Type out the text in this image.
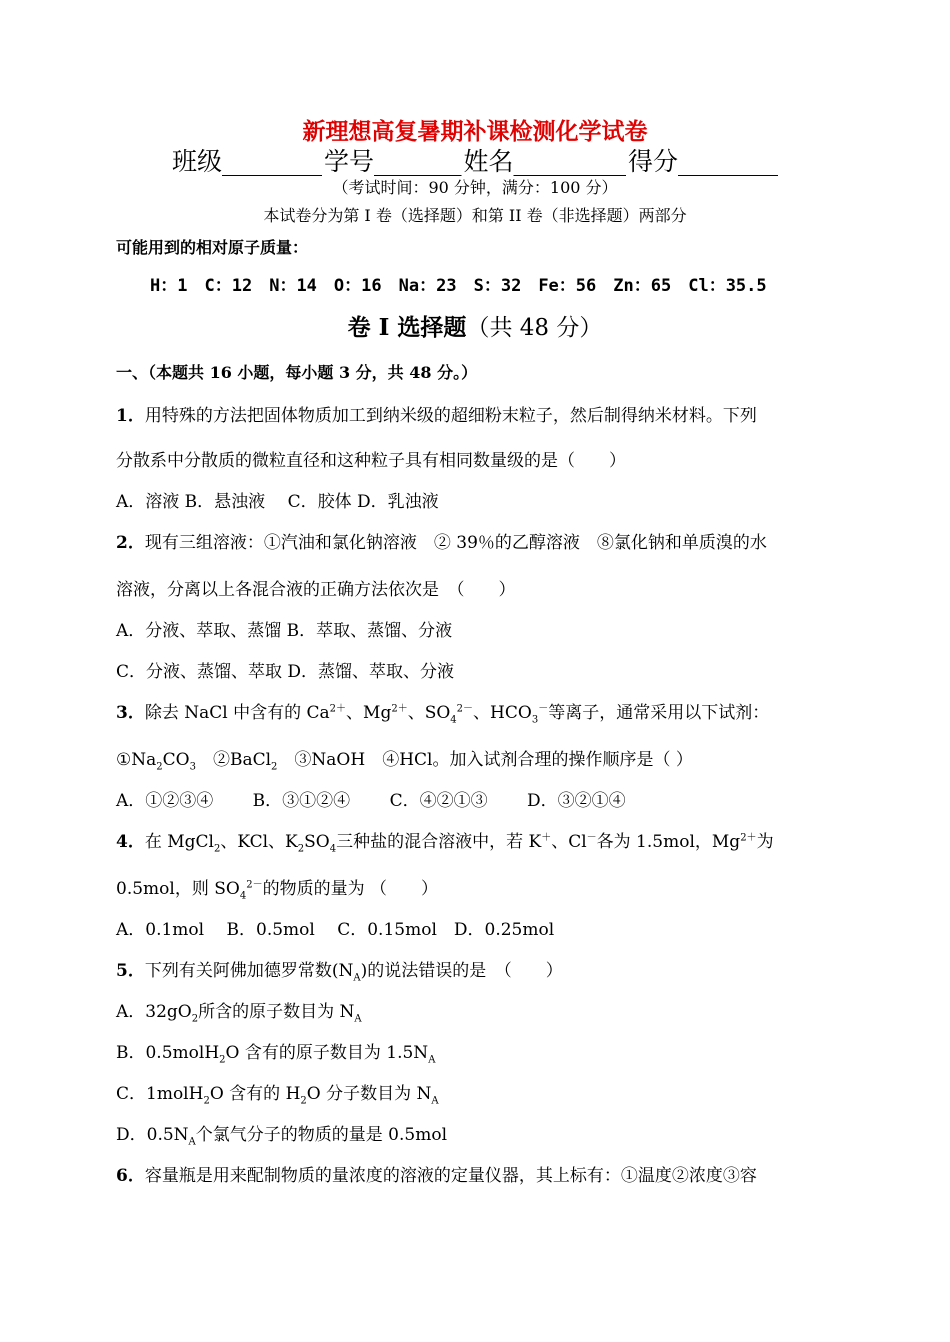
新理想高复暑期补课检测化学试卷
班级________学号_______姓名_________得分________
（考试时间：90 分钟，满分：100 分）
本试卷分为第 I 卷（选择题）和第 II 卷（非选择题）两部分
可能用到的相对原子质量：
H：1 C：12 N：14 O：16 Na：23 S：32 Fe：56 Zn：65 Cl：35.5
卷 I 选择题（共 48 分）
一、（本题共 16 小题，每小题 3 分，共 48 分。）
1．用特殊的方法把固体物质加工到纳米级的超细粉末粒子，然后制得纳米材料。下列
分散系中分散质的微粒直径和这种粒子具有相同数量级的是（　　）
A．溶液 B．悬浊液　 C．胶体 D．乳浊液
2．现有三组溶液：①汽油和氯化钠溶液　② 39％的乙醇溶液　⑧氯化钠和单质溴的水
溶液，分离以上各混合液的正确方法依次是　（　　）
A．分液、萃取、蒸馏 B．萃取、蒸馏、分液
C．分液、蒸馏、萃取 D．蒸馏、萃取、分液
3．除去 NaCl 中含有的 $Ca^{2+}$、$Mg^{2+}$、$SO_4^{2-}$、$HCO_3^-$等离子，通常采用以下试剂：
$①Na_2CO_3$　②BaCl$_2$　③NaOH　④HCl。加入试剂合理的操作顺序是（ ）
A．①②③④　　 B．③①②④　　 C．④②①③　　 D．③②①④
4．在 MgCl$_2$、KCl、$K_2SO_4$三种盐的混合溶液中，若 K＋、Cl－各为 1.5mol，$Mg^{2+}$为
0.5mol，则 $SO_4^{2-}$的物质的量为 （　　）
A．0.1mol　 B．0.5mol　 C．0.15mol　D．0.25mol
5．下列有关阿佛加德罗常数$(N_A)$的说法错误的是　（　　）
A．$32gO_2$所含的原子数目为 $N_A$
B．0.5molH$_2$O 含有的原子数目为 $1.5N_A$
C．1molH$_2$O 含有的 $H_2O$ 分子数目为 $N_A$
D．$0.5N_A$个氯气分子的物质的量是 0.5mol
6．容量瓶是用来配制物质的量浓度的溶液的定量仪器，其上标有：①温度②浓度③容
